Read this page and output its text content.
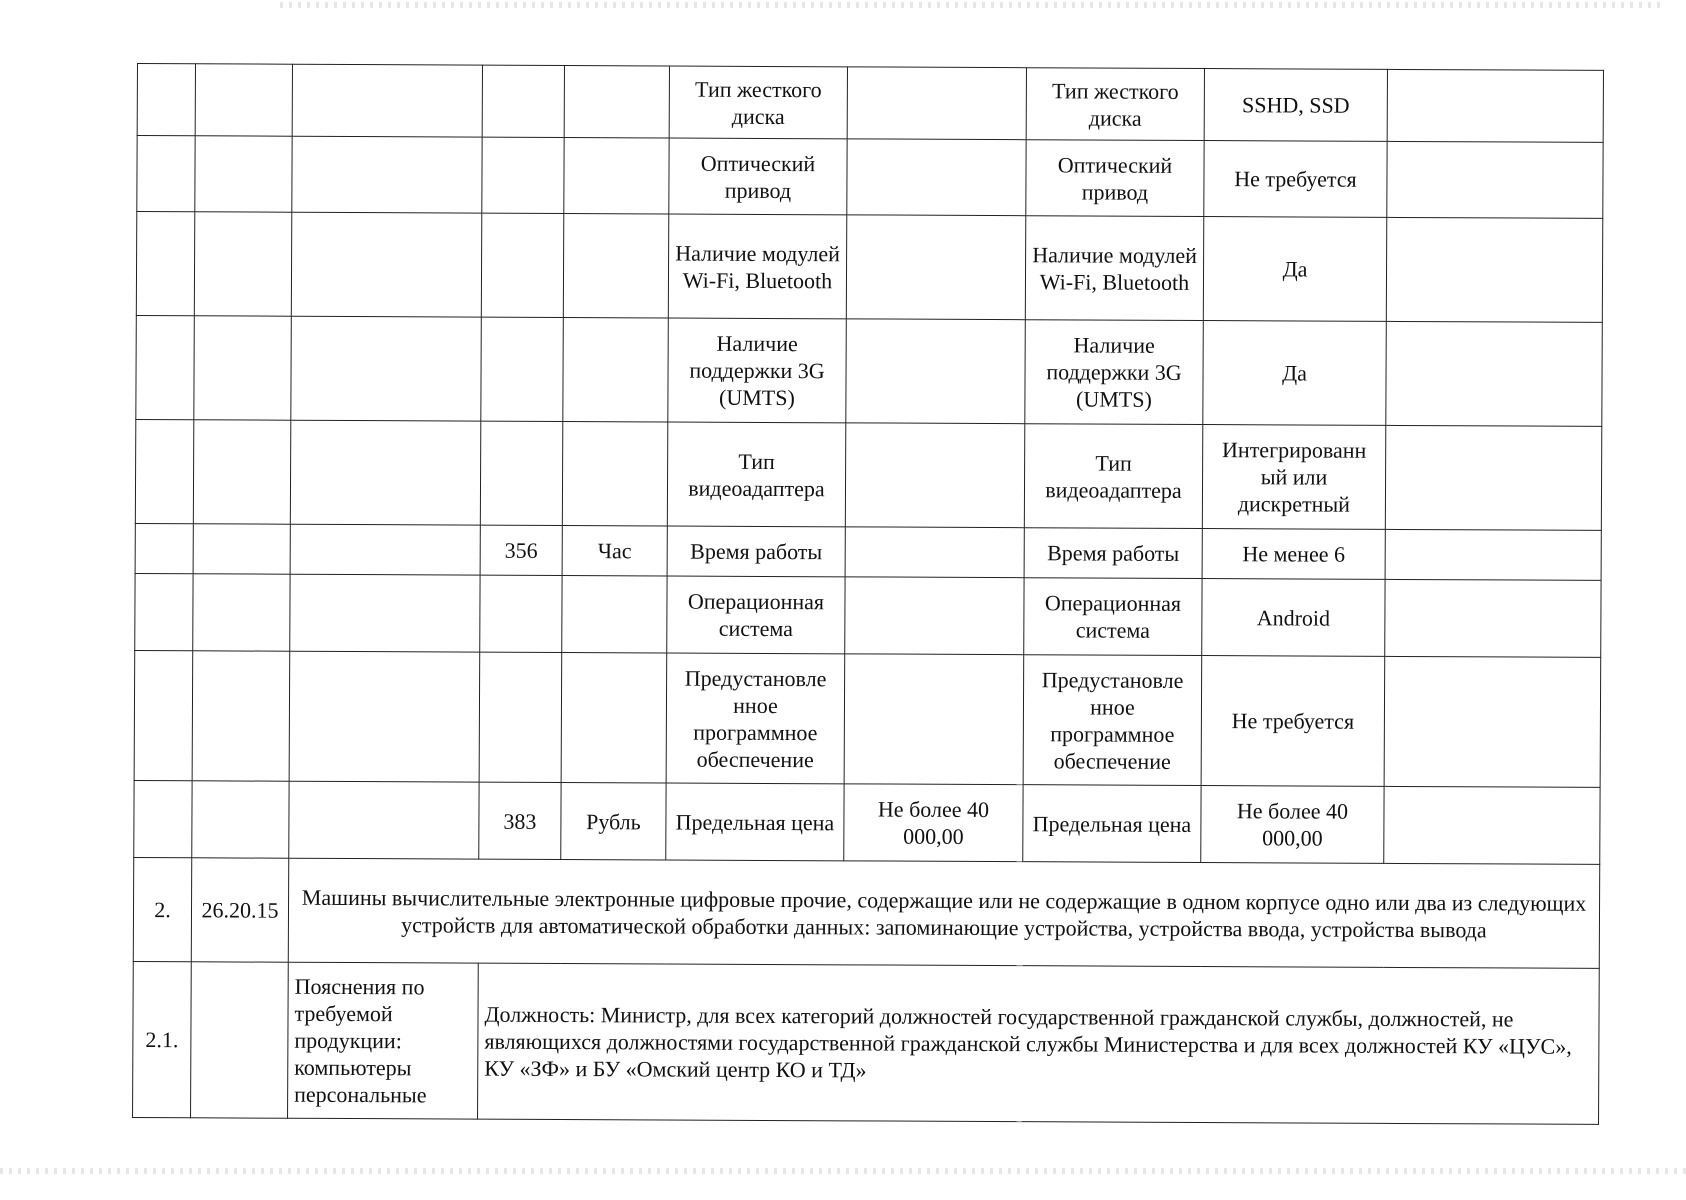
					Тип жесткого диска		Тип жесткого диска	SSHD, SSD	
					Оптический привод		Оптический привод	Не требуется	
					Наличие модулей Wi-Fi, Bluetooth		Наличие модулей Wi-Fi, Bluetooth	Да	
					Наличие поддержки 3G (UMTS)		Наличие поддержки 3G (UMTS)	Да	
					Тип видеоадаптера		Тип видеоадаптера	Интегрированн ый или дискретный	
			356	Час	Время работы		Время работы	Не менее 6	
					Операционная система		Операционная система	Android	
					Предустановле нное программное обеспечение		Предустановле нное программное обеспечение	Не требуется	
			383	Рубль	Предельная цена	Не более 40 000,00	Предельная цена	Не более 40 000,00	
2.	26.20.15	Машины вычислительные электронные цифровые прочие, содержащие или не содержащие в одном корпусе одно или два из следующих устройств для автоматической обработки данных: запоминающие устройства, устройства ввода, устройства вывода							
2.1.		Пояснения по требуемой продукции: компьютеры персональные	Должность: Министр, для всех категорий должностей государственной гражданской службы, должностей, не являющихся должностями государственной гражданской службы Министерства и для всех должностей КУ «ЦУС», КУ «ЗФ» и БУ «Омский центр КО и ТД»						
